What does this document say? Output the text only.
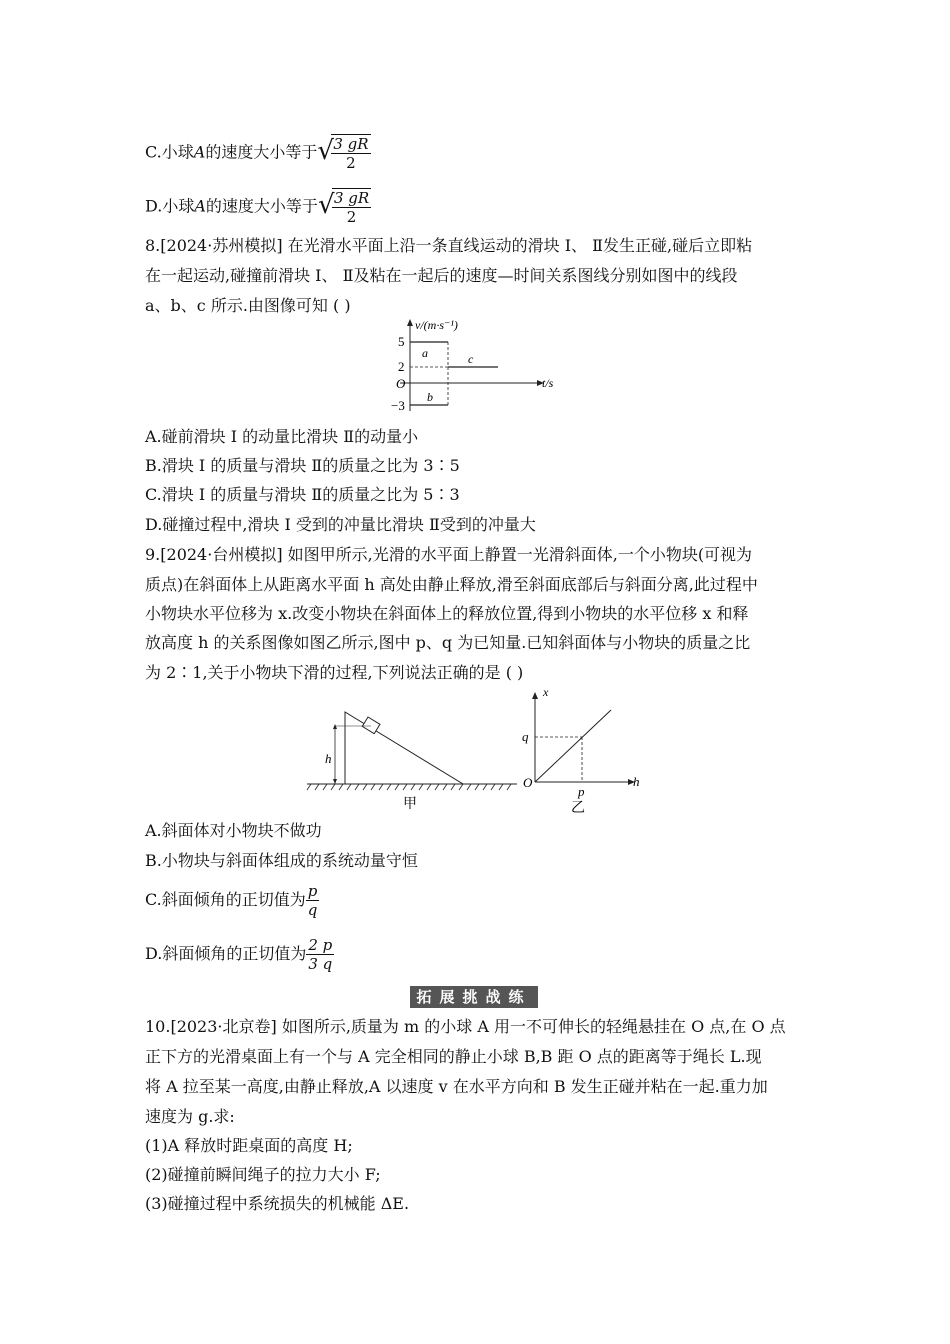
C.小球A的速度大小等于 √
$\frac{3 gR}{2}$
D.小球A的速度大小等于 √
$\frac{3 gR}{2}$
8.[2024·苏州模拟] 在光滑水平面上沿一条直线运动的滑块 Ⅰ、 Ⅱ发生正碰,碰后立即粘
在一起运动,碰撞前滑块 Ⅰ、 Ⅱ及粘在一起后的速度—时间关系图线分别如图中的线段
a、b、c 所示.由图像可知 ( )
v/(m·s⁻¹)
t/s
O
5
2
−3
a
b
c
A.碰前滑块 Ⅰ 的动量比滑块 Ⅱ的动量小
B.滑块 Ⅰ 的质量与滑块 Ⅱ的质量之比为 3∶5
C.滑块 Ⅰ 的质量与滑块 Ⅱ的质量之比为 5∶3
D.碰撞过程中,滑块 Ⅰ 受到的冲量比滑块 Ⅱ受到的冲量大
9.[2024·台州模拟] 如图甲所示,光滑的水平面上静置一光滑斜面体,一个小物块(可视为
质点)在斜面体上从距离水平面 h 高处由静止释放,滑至斜面底部后与斜面分离,此过程中
小物块水平位移为 x.改变小物块在斜面体上的释放位置,得到小物块的水平位移 x 和释
放高度 h 的关系图像如图乙所示,图中 p、q 为已知量.已知斜面体与小物块的质量之比
为 2∶1,关于小物块下滑的过程,下列说法正确的是 ( )
h
甲
x
h
O
q
p
乙
A.斜面体对小物块不做功
B.小物块与斜面体组成的系统动量守恒
C.斜面倾角的正切值为 $\frac{p}{q}$
D.斜面倾角的正切值为 $\frac{2 p}{3 q}$
拓展挑战练
10.[2023·北京卷] 如图所示,质量为 m 的小球 A 用一不可伸长的轻绳悬挂在 O 点,在 O 点
正下方的光滑桌面上有一个与 A 完全相同的静止小球 B,B 距 O 点的距离等于绳长 L.现
将 A 拉至某一高度,由静止释放,A 以速度 v 在水平方向和 B 发生正碰并粘在一起.重力加
速度为 g.求:
(1)A 释放时距桌面的高度 H;
(2)碰撞前瞬间绳子的拉力大小 F;
(3)碰撞过程中系统损失的机械能 ΔE.
